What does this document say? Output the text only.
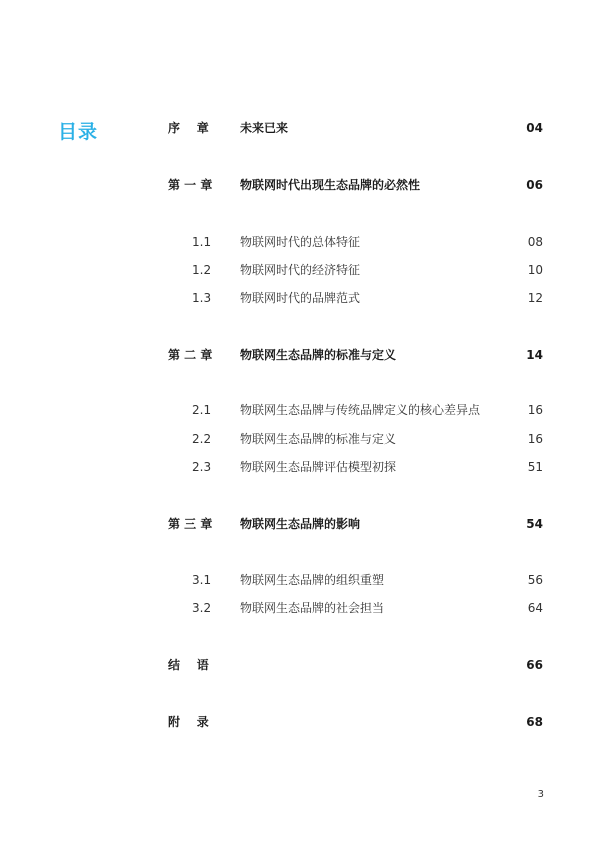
目录	序    章	未来已来	04
第 一 章 物联网时代出现生态品牌的必然性	06
1.1 物联网时代的总体特征	08
1.2 物联网时代的经济特征	10
1.3 物联网时代的品牌范式	12
第 二 章 物联网生态品牌的标准与定义	14
2.1 物联网生态品牌与传统品牌定义的核心差异点	16
2.2 物联网生态品牌的标准与定义	16
2.3 物联网生态品牌评估模型初探	51
第 三 章 物联网生态品牌的影响	54
3.1 物联网生态品牌的组织重塑	56
3.2 物联网生态品牌的社会担当	64
结    语	66
附    录	68
3
